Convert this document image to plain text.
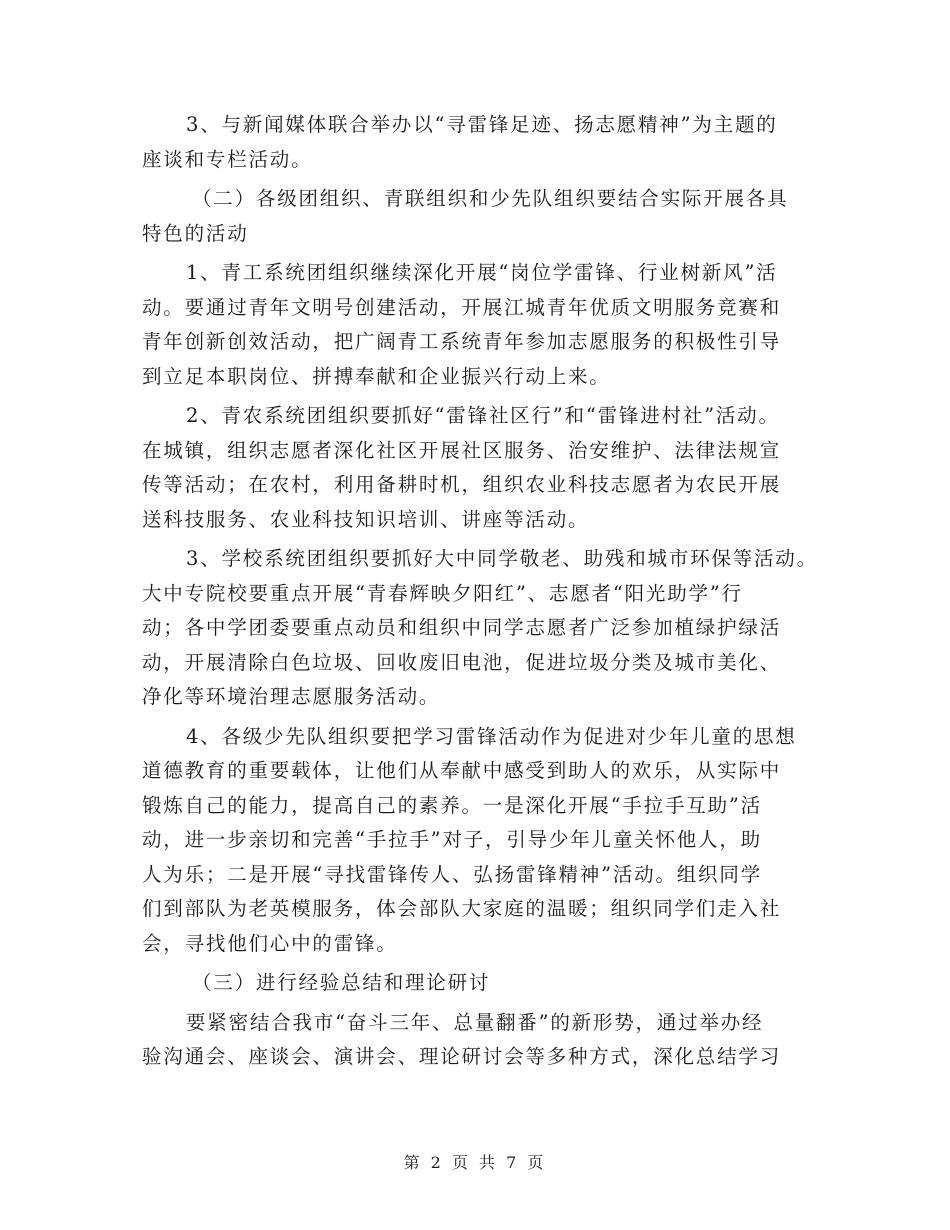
3、与新闻媒体联合举办以“寻雷锋足迹、扬志愿精神”为主题的
座谈和专栏活动。
（二）各级团组织、青联组织和少先队组织要结合实际开展各具
特色的活动
1、青工系统团组织继续深化开展“岗位学雷锋、行业树新风”活
动。要通过青年文明号创建活动，开展江城青年优质文明服务竞赛和
青年创新创效活动，把广阔青工系统青年参加志愿服务的积极性引导
到立足本职岗位、拼搏奉献和企业振兴行动上来。
2、青农系统团组织要抓好“雷锋社区行”和“雷锋进村社”活动。
在城镇，组织志愿者深化社区开展社区服务、治安维护、法律法规宣
传等活动；在农村，利用备耕时机，组织农业科技志愿者为农民开展
送科技服务、农业科技知识培训、讲座等活动。
3、学校系统团组织要抓好大中同学敬老、助残和城市环保等活动。
大中专院校要重点开展“青春辉映夕阳红”、志愿者“阳光助学”行
动；各中学团委要重点动员和组织中同学志愿者广泛参加植绿护绿活
动，开展清除白色垃圾、回收废旧电池，促进垃圾分类及城市美化、
净化等环境治理志愿服务活动。
4、各级少先队组织要把学习雷锋活动作为促进对少年儿童的思想
道德教育的重要载体，让他们从奉献中感受到助人的欢乐，从实际中
锻炼自己的能力，提高自己的素养。一是深化开展“手拉手互助”活
动，进一步亲切和完善“手拉手”对子，引导少年儿童关怀他人，助
人为乐；二是开展“寻找雷锋传人、弘扬雷锋精神”活动。组织同学
们到部队为老英模服务，体会部队大家庭的温暖；组织同学们走入社
会，寻找他们心中的雷锋。
（三）进行经验总结和理论研讨
要紧密结合我市“奋斗三年、总量翻番”的新形势，通过举办经
验沟通会、座谈会、演讲会、理论研讨会等多种方式，深化总结学习
第 2 页 共 7 页
